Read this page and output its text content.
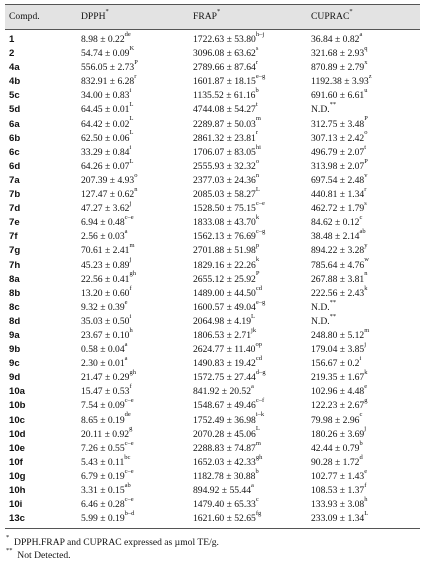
Compd.	DPPH*	FRAP*	CUPRAC*
1	8.98 ± 0.22de	$1722.63 \pm 53.80^{h-j}$	36.84 ± 0.82$^a$
2	$54.74 \pm 0.09^K$	$3096.08 \pm 63.62^s$	$321.68 \pm 2.93^q$
4a	$556.05 \pm 2.73^P$	$2789.66 \pm 87.64^r$	$870.89 \pm 2.79^x$
4b	$832.91 \pm 6.28^r$	$1601.87 \pm 18.15^{e-g}$	$1192.38 \pm 3.93^z$
5c	$34.00 \pm 0.83^i$	1135.52 ± 61.16$^b$	$691.60 \pm 6.61^u$
5d	$64.45 \pm 0.01^L$	$4744.08 \pm 54.27^t$	N.D.**
6a	$64.42 \pm 0.02^L$	$2289.87 \pm 50.03^m$	$312.75 \pm 3.48^P$
6b	$62.50 \pm 0.06^L$	$2861.32 \pm 23.81^r$	$307.13 \pm 2.42^o$
6c	$33.29 \pm 0.84^i$	$1706.07 \pm 83.05^{hi}$	$496.79 \pm 2.07^t$
6d	$64.26 \pm 0.07^L$	$2555.93 \pm 32.32^o$	$313.98 \pm 2.07^P$
7a	$207.39 \pm 4.93^o$	$2377.03 \pm 24.36^n$	$697.54 \pm 2.48^v$
7b	$127.47 \pm 0.62^n$	$2085.03 \pm 58.27^L$	$440.81 \pm 1.34^r$
7d	$47.27 \pm 3.62^j$	$1528.50 \pm 75.15^{c-e}$	$462.72 \pm 1.79^s$
7e	$6.94 \pm 0.48^{c-e}$	$1833.08 \pm 43.70^k$	84.62 ± 0.12$^c$
7f	2.56 ± 0.03$^a$	$1562.13 \pm 76.69^{c-g}$	38.48 ± 2.14$^{ab}$
7g	$70.61 \pm 2.41^m$	$2701.88 \pm 51.98^p$	$894.22 \pm 3.28^y$
7h	$45.23 \pm 0.89^j$	$1829.16 \pm 22.26^k$	$785.64 \pm 4.76^w$
8a	22.56 ± 0.41$^{gh}$	$2655.12 \pm 25.92^P$	$267.88 \pm 3.81^n$
8b	13.20 ± 0.60$^f$	1489.00 ± 44.50$^{cd}$	$222.56 \pm 2.43^k$
8c	9.32 ± 0.39$^e$	$1600.57 \pm 49.04^{e-g}$	N.D.**
8d	$35.03 \pm 0.50^i$	$2064.98 \pm 4.19^L$	N.D.**
9a	23.67 ± 0.10$^h$	$1806.53 \pm 2.71^{jk}$	$248.80 \pm 5.12^m$
9b	0.58 ± 0.04$^a$	$2624.77 \pm 11.40^{op}$	$179.04 \pm 3.85^j$
9c	2.30 ± 0.01$^a$	1490.83 ± 19.42$^{cd}$	$156.67 \pm 0.2^i$
9d	21.47 ± 0.29$^{gh}$	$1572.75 \pm 27.44^{d-g}$	$219.35 \pm 1.67^k$
10a	15.47 ± 0.53$^f$	841.92 ± 20.52$^a$	102.96 ± 4.48$^e$
10b	$7.54 \pm 0.09^{c-e}$	$1548.67 \pm 49.46^{c-f}$	122.23 ± 2.67$^g$
10c	8.65 ± 0.19de	$1752.49 \pm 36.98^{i-k}$	79.98 ± 2.96$^c$
10d	20.11 ± 0.92$^g$	$2070.28 \pm 45.06^L$	$180.26 \pm 3.69^j$
10e	$7.26 \pm 0.55^{c-e}$	$2288.83 \pm 74.87^m$	42.44 ± 0.79$^b$
10f	5.43 ± 0.11$^{bc}$	1652.03 ± 42.33$^{gh}$	90.28 ± 1.72$^d$
10g	$6.79 \pm 0.19^{c-e}$	1182.78 ± 30.88$^b$	102.77 ± 1.43$^e$
10h	3.31 ± 0.15$^{ab}$	894.92 ± 55.44$^a$	108.53 ± 1.37$^f$
10i	$6.46 \pm 0.28^{c-e}$	1479.40 ± 65.33$^c$	133.93 ± 3.08$^h$
13c	$5.99 \pm 0.19^{b-d}$	1621.60 ± 52.65$^{fg}$	$233.09 \pm 1.34^L$
* DPPH.FRAP and CUPRAC expressed as µmol TE/g.
** Not Detected.
